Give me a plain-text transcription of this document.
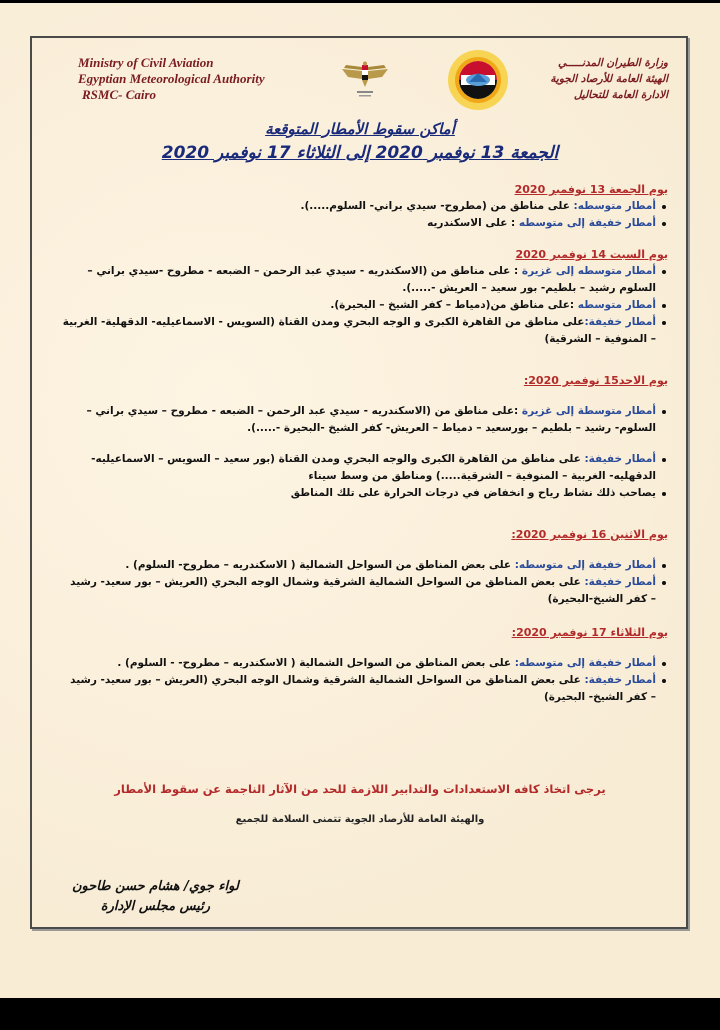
Ministry of Civil Aviation
Egyptian Meteorological Authority
RSMC- Cairo
وزارة الطيران المدنـــــي
الهيئة العامة للأرصاد الجوية
الادارة العامة للتحاليل
أماكن سقوط الأمطار المتوقعة
الجمعة 13 نوفمبر 2020 إلى الثلاثاء 17 نوفمبر 2020
يوم الجمعة 13 نوفمبر 2020
أمطار متوسطه: على مناطق من (مطروح- سيدي براني- السلوم.....).
أمطار خفيفة إلى متوسطه : على الاسكندريه
يوم السبت 14 نوفمبر 2020
أمطار متوسطه إلى غزيرة : على مناطق من (الاسكندريه - سيدي عبد الرحمن – الضبعه - مطروح -سيدي براني – السلوم رشيد – بلطيم- بور سعيد – العريش -.....).
أمطار متوسطه :على مناطق من(دمياط – كفر الشيخ – البحيرة).
أمطار خفيفة:على مناطق من القاهرة الكبرى و الوجه البحري ومدن القناة (السويس - الاسماعيليه- الدقهلية- الغربية – المنوفية – الشرقية)
يوم الاحد15 نوفمبر 2020:
أمطار متوسطة إلى غزيرة :على مناطق من (الاسكندريه - سيدي عبد الرحمن – الضبعه - مطروح – سيدي براني – السلوم- رشيد – بلطيم – بورسعيد – دمياط – العريش- كفر الشيخ -البحيرة -.....).
أمطار خفيفة: على مناطق من القاهرة الكبرى والوجه البحري ومدن القناة (بور سعيد – السويس – الاسماعيليه- الدقهليه- الغربية – المنوفية – الشرقية.....) ومناطق من وسط سيناء
يصاحب ذلك نشاط رياح و انخفاض في درجات الحرارة على تلك المناطق
يوم الاثنين 16 نوفمبر 2020:
أمطار خفيفة إلى متوسطه: على بعض المناطق من السواحل الشمالية ( الاسكندريه – مطروح- السلوم) .
أمطار خفيفة: على بعض المناطق من السواحل الشمالية الشرقية وشمال الوجه البحري (العريش – بور سعيد- رشيد – كفر الشيخ-البحيرة)
يوم الثلاثاء 17 نوفمبر 2020:
أمطار خفيفة إلى متوسطه: على بعض المناطق من السواحل الشمالية ( الاسكندريه – مطروح- - السلوم) .
أمطار خفيفة: على بعض المناطق من السواحل الشمالية الشرقية وشمال الوجه البحري (العريش – بور سعيد- رشيد – كفر الشيخ- البحيرة)
يرجى اتخاذ كافه الاستعدادات والتدابير اللازمة للحد من الآثار الناجمة عن سقوط الأمطار
والهيئة العامة للأرصاد الجوية تتمنى السلامة للجميع
لواء جوي/ هشام حسن طاحون
رئيس مجلس الإدارة
